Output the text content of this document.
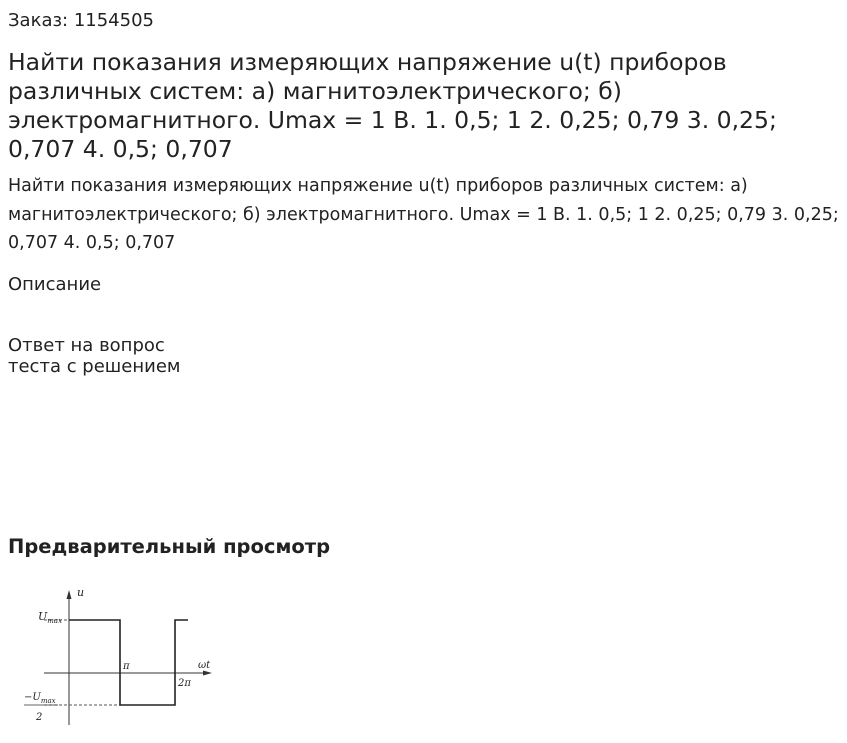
Заказ: 1154505
Найти показания измеряющих напряжение u(t) приборов различных систем: а) магнитоэлектрического; б) электромагнитного. Umax = 1 В. 1. 0,5; 1 2. 0,25; 0,79 3. 0,25; 0,707 4. 0,5; 0,707

Найти показания измеряющих напряжение u(t) приборов различных систем: а) магнитоэлектрического; б) электромагнитного. Umax = 1 В. 1. 0,5; 1 2. 0,25; 0,79 3. 0,25; 0,707 4. 0,5; 0,707

Описание
Ответ на вопрос
теста с решением
Предварительный просмотр
u
ωt
$U_{max}$
π
2π
$-U_{max}$
2
